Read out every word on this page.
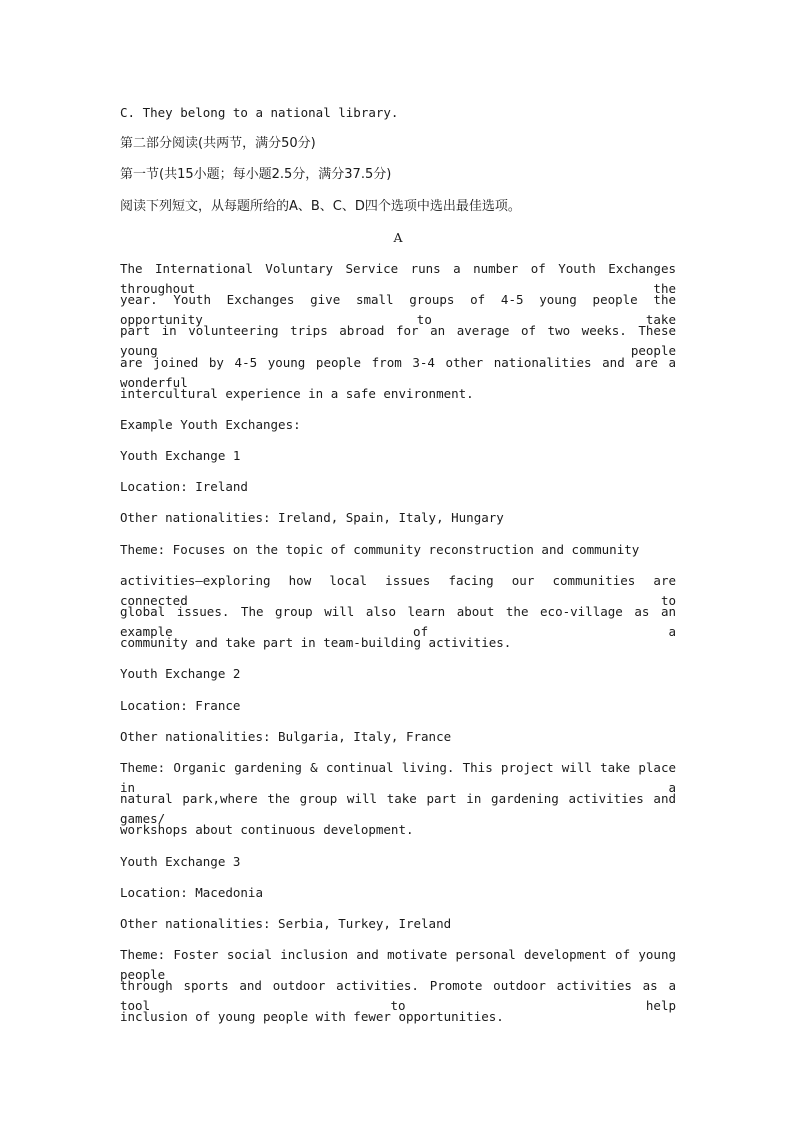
C. They belong to a national library.
第二部分阅读(共两节，满分50分)
第一节(共15小题；每小题2.5分，满分37.5分)
阅读下列短文，从每题所给的A、B、C、D四个选项中选出最佳选项。
A
The International Voluntary Service runs a number of Youth Exchanges throughout the
year. Youth Exchanges give small groups of 4-5 young people the opportunity to take
part in volunteering trips abroad for an average of two weeks. These young people
are joined by 4-5 young people from 3-4 other nationalities and are a wonderful
intercultural experience in a safe environment.
Example Youth Exchanges:
Youth Exchange 1
Location: Ireland
Other nationalities: Ireland, Spain, Italy, Hungary
Theme: Focuses on the topic of community reconstruction and community
activities—exploring how local issues facing our communities are connected to
global issues. The group will also learn about the eco-village as an example of a
community and take part in team-building activities.
Youth Exchange 2
Location: France
Other nationalities: Bulgaria, Italy, France
Theme: Organic gardening & continual living. This project will take place in a
natural park,where the group will take part in gardening activities and games/
workshops about continuous development.
Youth Exchange 3
Location: Macedonia
Other nationalities: Serbia, Turkey, Ireland
Theme: Foster social inclusion and motivate personal development of young people
through sports and outdoor activities. Promote outdoor activities as a tool to help
inclusion of young people with fewer opportunities.
